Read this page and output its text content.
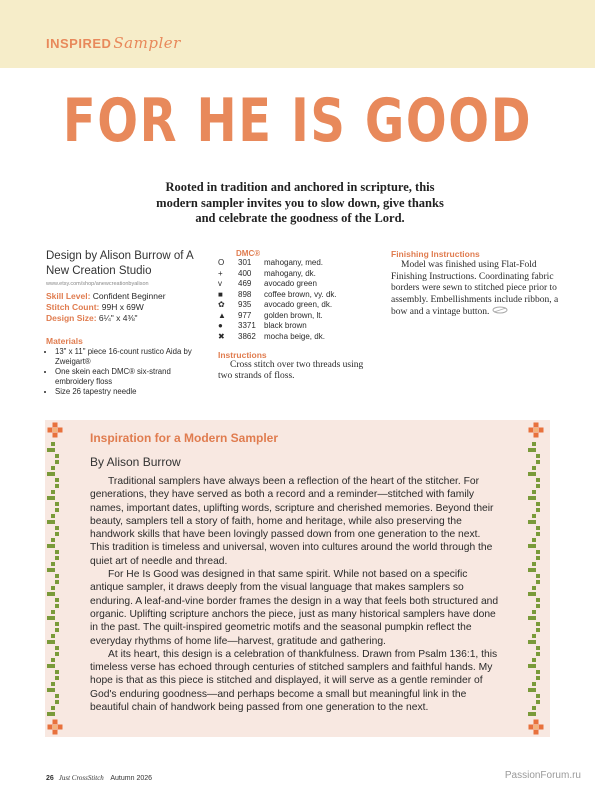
INSPIRED Sampler
FOR HE IS GOOD
Rooted in tradition and anchored in scripture, this modern sampler invites you to slow down, give thanks and celebrate the goodness of the Lord.
Design by Alison Burrow of A New Creation Studio
www.etsy.com/shop/anewcreationbyalison
Skill Level: Confident Beginner
Stitch Count: 99H x 69W
Design Size: 6¼" x 4⅜"
Materials
• 13" x 11" piece 16-count rustico Aida by Zweigart®
• One skein each DMC® six-strand embroidery floss
• Size 26 tapestry needle
DMC®
O	301	mahogany, med.
+	400	mahogany, dk.
v	469	avocado green
■	898	coffee brown, vy. dk.
✿	935	avocado green, dk.
▲	977	golden brown, lt.
●	3371	black brown
✖	3862	mocha beige, dk.
Instructions
Cross stitch over two threads using two strands of floss.
Finishing Instructions
Model was finished using Flat-Fold Finishing Instructions. Coordinating fabric borders were sewn to stitched piece prior to assembly. Embellishments include ribbon, a bow and a vintage button.
Inspiration for a Modern Sampler
By Alison Burrow

Traditional samplers have always been a reflection of the heart of the stitcher. For generations, they have served as both a record and a reminder—stitched with family names, important dates, uplifting words, scripture and cherished memories. Beyond their beauty, samplers tell a story of faith, home and heritage, while also preserving the handwork skills that have been lovingly passed down from one generation to the next. This tradition is timeless and universal, woven into cultures around the world through the quiet art of needle and thread.

For He Is Good was designed in that same spirit. While not based on a specific antique sampler, it draws deeply from the visual language that makes samplers so enduring. A leaf-and-vine border frames the design in a way that feels both structured and organic. Uplifting scripture anchors the piece, just as many historical samplers have done in the past. The quilt-inspired geometric motifs and the seasonal pumpkin reflect the everyday rhythms of home life—harvest, gratitude and gathering.

At its heart, this design is a celebration of thankfulness. Drawn from Psalm 136:1, this timeless verse has echoed through centuries of stitched samplers and faithful hands. My hope is that as this piece is stitched and displayed, it will serve as a gentle reminder of God's enduring goodness—and perhaps become a small but meaningful link in the beautiful chain of handwork being passed from one generation to the next.

26 Just CrossStitch Autumn 2026	PassionForum.ru
